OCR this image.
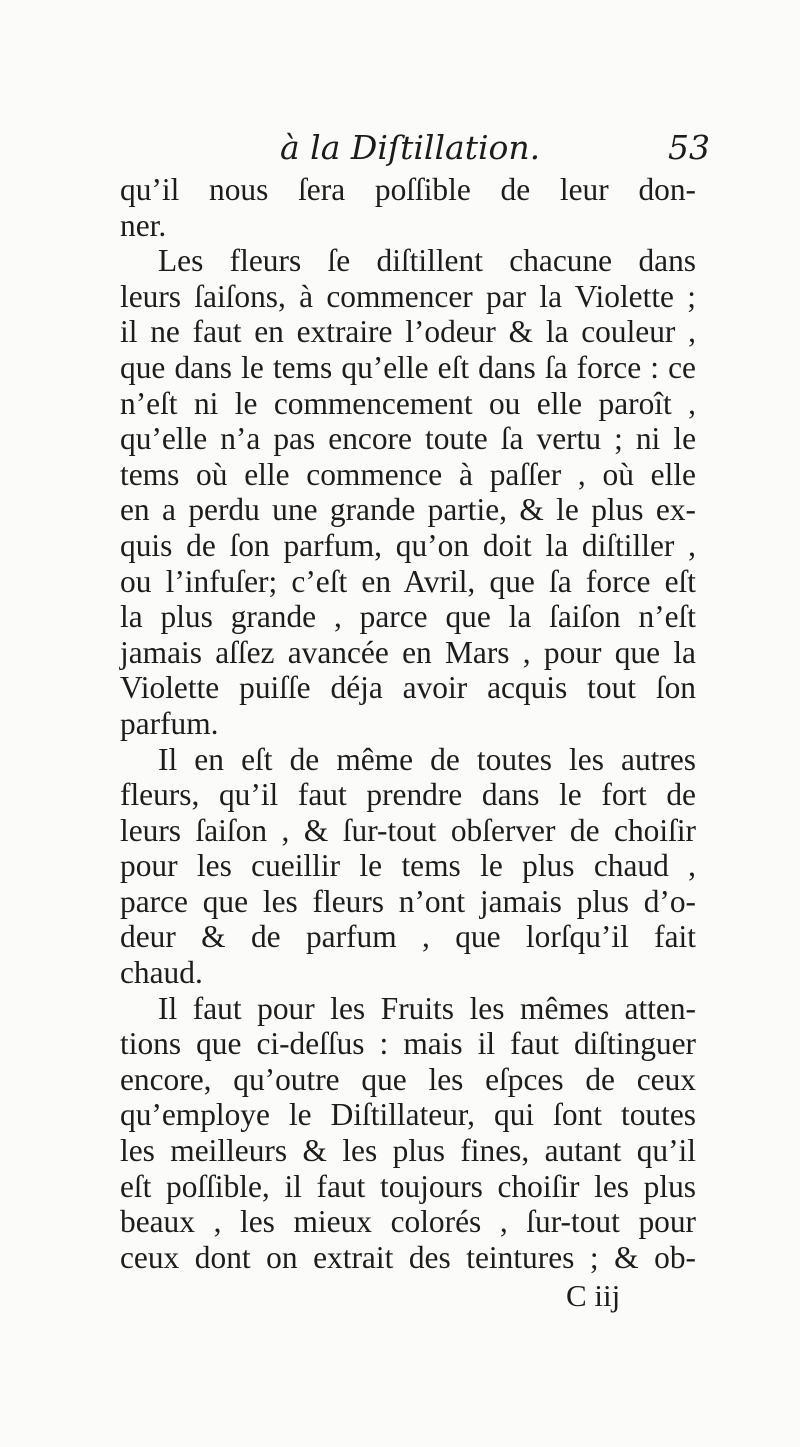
à la Diſtillation.	53
qu’il nous ſera poſſible de leur don-
ner.
Les fleurs ſe diſtillent chacune dans
leurs ſaiſons, à commencer par la Violette ;
il ne faut en extraire l’odeur & la couleur ,
que dans le tems qu’elle eſt dans ſa force : ce
n’eſt ni le commencement ou elle paroît ,
qu’elle n’a pas encore toute ſa vertu ; ni le
tems où elle commence à paſſer , où elle
en a perdu une grande partie, & le plus ex-
quis de ſon parfum, qu’on doit la diſtiller ,
ou l’infuſer; c’eſt en Avril, que ſa force eſt
la plus grande , parce que la ſaiſon n’eſt
jamais aſſez avancée en Mars , pour que la
Violette puiſſe déja avoir acquis tout ſon
parfum.
Il en eſt de même de toutes les autres
fleurs, qu’il faut prendre dans le fort de
leurs ſaiſon , & ſur-tout obſerver de choiſir
pour les cueillir le tems le plus chaud ,
parce que les fleurs n’ont jamais plus d’o-
deur & de parfum , que lorſqu’il fait
chaud.
Il faut pour les Fruits les mêmes atten-
tions que ci-deſſus : mais il faut diſtinguer
encore, qu’outre que les eſpces de ceux
qu’employe le Diſtillateur, qui ſont toutes
les meilleurs & les plus fines, autant qu’il
eſt poſſible, il faut toujours choiſir les plus
beaux , les mieux colorés , ſur-tout pour
ceux dont on extrait des teintures ; & ob-
C iij
